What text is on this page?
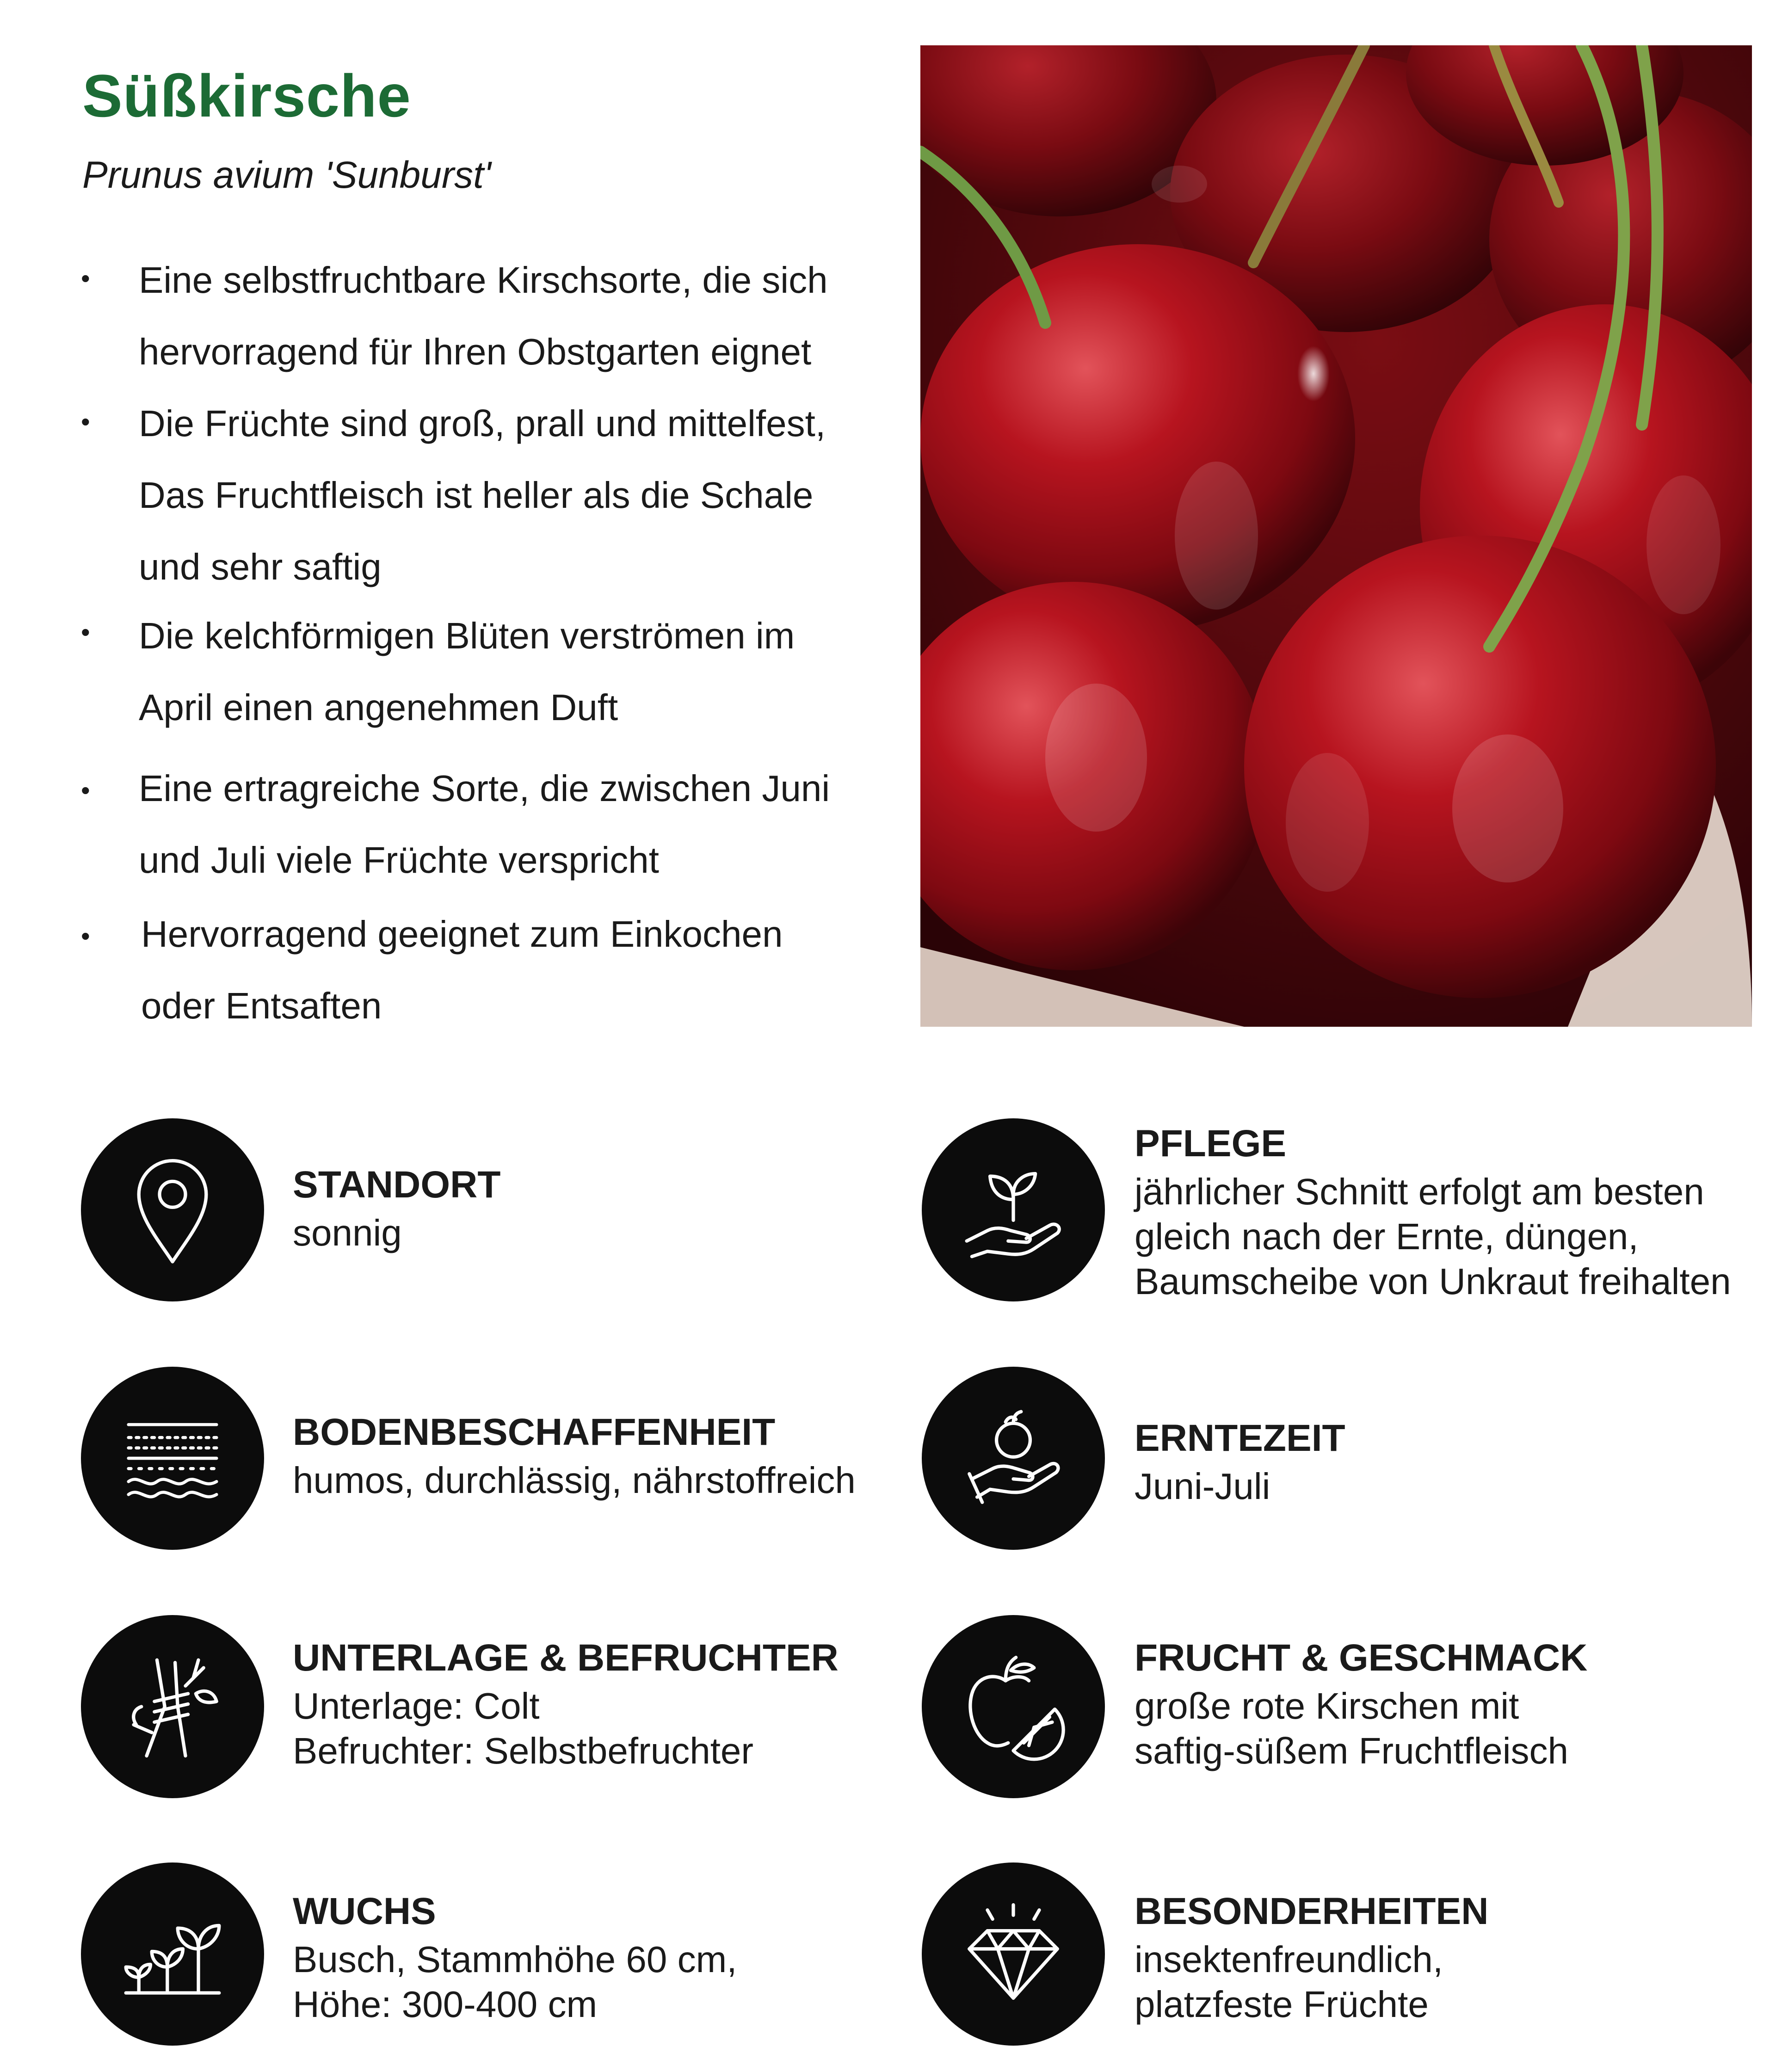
Süßkirsche

Prunus avium 'Sunburst'

• Eine selbstfruchtbare Kirschsorte, die sich
hervorragend für Ihren Obstgarten eignet
• Die Früchte sind groß, prall und mittelfest,
Das Fruchtfleisch ist heller als die Schale
und sehr saftig
• Die kelchförmigen Blüten verströmen im
April einen angenehmen Duft
• Eine ertragreiche Sorte, die zwischen Juni
und Juli viele Früchte verspricht
• Hervorragend geeignet zum Einkochen
oder Entsaften
STANDORT
sonnig
PFLEGE
jährlicher Schnitt erfolgt am besten
gleich nach der Ernte, düngen,
Baumscheibe von Unkraut freihalten
BODENBESCHAFFENHEIT
humos, durchlässig, nährstoffreich
ERNTEZEIT
Juni-Juli
UNTERLAGE & BEFRUCHTER
Unterlage: Colt
Befruchter: Selbstbefruchter
FRUCHT & GESCHMACK
große rote Kirschen mit
saftig-süßem Fruchtfleisch
WUCHS
Busch, Stammhöhe 60 cm,
Höhe: 300-400 cm
BESONDERHEITEN
insektenfreundlich,
platzfeste Früchte
